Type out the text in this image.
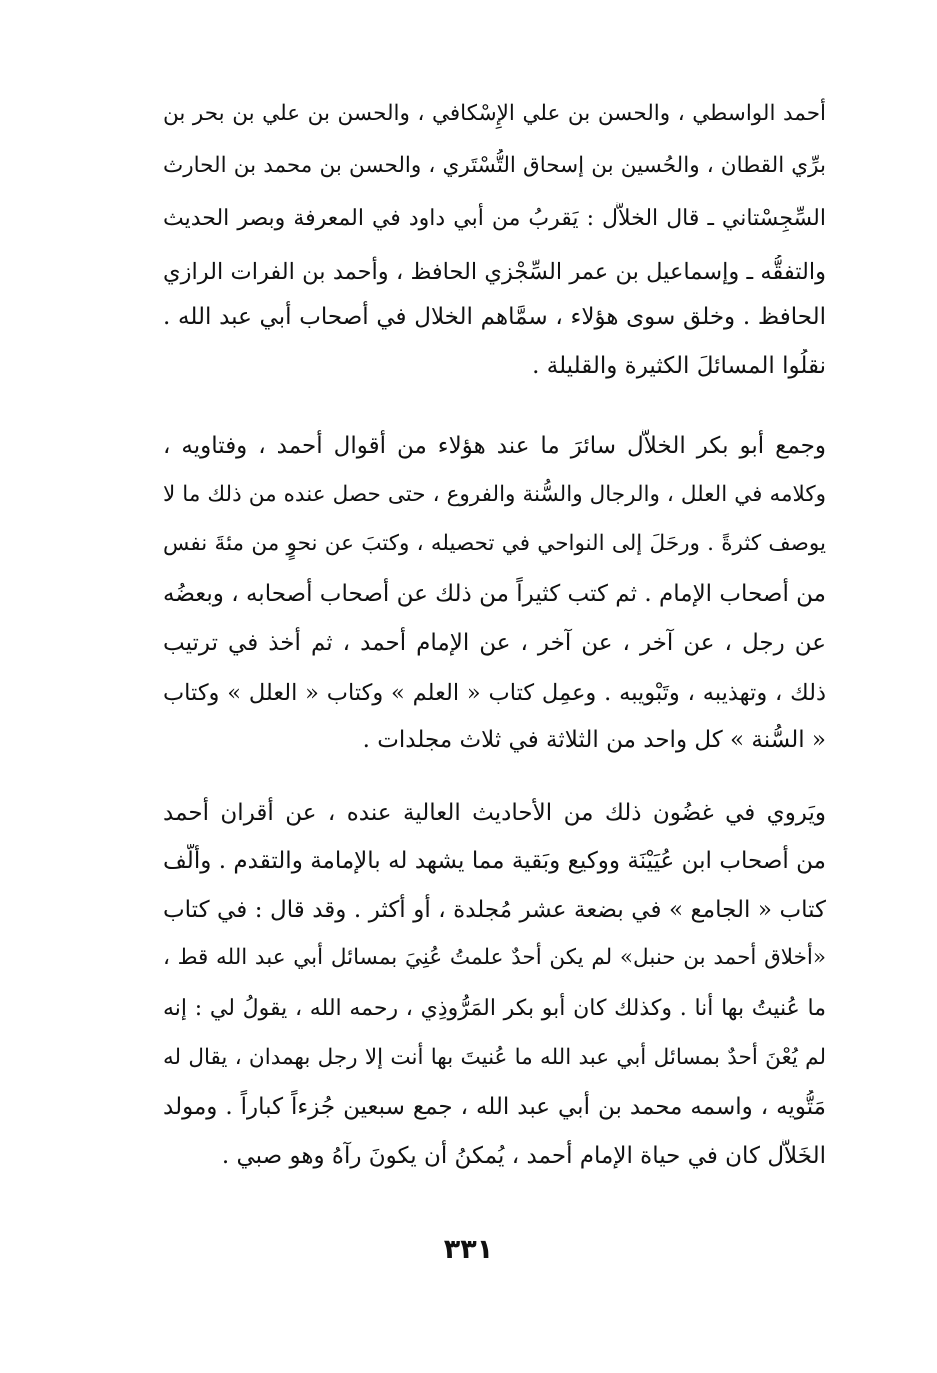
أحمد الواسطي ، والحسن بن علي الإِسْكافي ، والحسن بن علي بن بحر بن
برِّي القطان ، والحُسين بن إسحاق التُّسْتَري ، والحسن بن محمد بن الحارث
السِّجِسْتاني ـ قال الخلاَّل : يَقربُ من أبي داود في المعرفة وبصر الحديث
والتفقُّه ـ وإسماعيل بن عمر السِّجْزي الحافظ ، وأحمد بن الفرات الرازي
الحافظ . وخلق سوى هؤلاء ، سمَّاهم الخلال في أصحاب أبي عبد الله .
نقلُوا المسائلَ الكثيرة والقليلة .
وجمع أبو بكر الخلاَّل سائرَ ما عند هؤلاء من أقوال أحمد ، وفتاويه ،
وكلامه في العلل ، والرجال والسُّنة والفروع ، حتى حصل عنده من ذلك ما لا
يوصف كثرةً . ورحَلَ إلى النواحي في تحصيله ، وكتبَ عن نحوٍ من مئةَ نفس
من أصحاب الإمام . ثم كتب كثيراً من ذلك عن أصحاب أصحابه ، وبعضُه
عن رجل ، عن آخر ، عن آخر ، عن الإمام أحمد ، ثم أخذ في ترتيب
ذلك ، وتهذيبه ، وتَبْويبه . وعمِل كتاب « العلم » وكتاب « العلل » وكتاب
« السُّنة » كل واحد من الثلاثة في ثلاث مجلدات .
ويَروي في غضُون ذلك من الأحاديث العالية عنده ، عن أقران أحمد
من أصحاب ابن عُيَيْنَة ووكيع وبَقية مما يشهد له بالإمامة والتقدم . وألَّف
كتاب « الجامع » في بضعة عشر مُجلدة ، أو أكثر . وقد قال : في كتاب
«أخلاق أحمد بن حنبل» لم يكن أحدٌ علمتُ عُنِيَ بمسائل أبي عبد الله قط ،
ما عُنيتُ بها أنا . وكذلك كان أبو بكر المَرُّوذِي ، رحمه الله ، يقولُ لي : إنه
لم يُعْنَ أحدٌ بمسائل أبي عبد الله ما عُنيتَ بها أنت إلا رجل بهمدان ، يقال له
مَتُّويه ، واسمه محمد بن أبي عبد الله ، جمع سبعين جُزءاً كباراً . ومولد
الخَلاَّل كان في حياة الإمام أحمد ، يُمكنُ أن يكونَ رآهُ وهو صبي .
٣٣١
